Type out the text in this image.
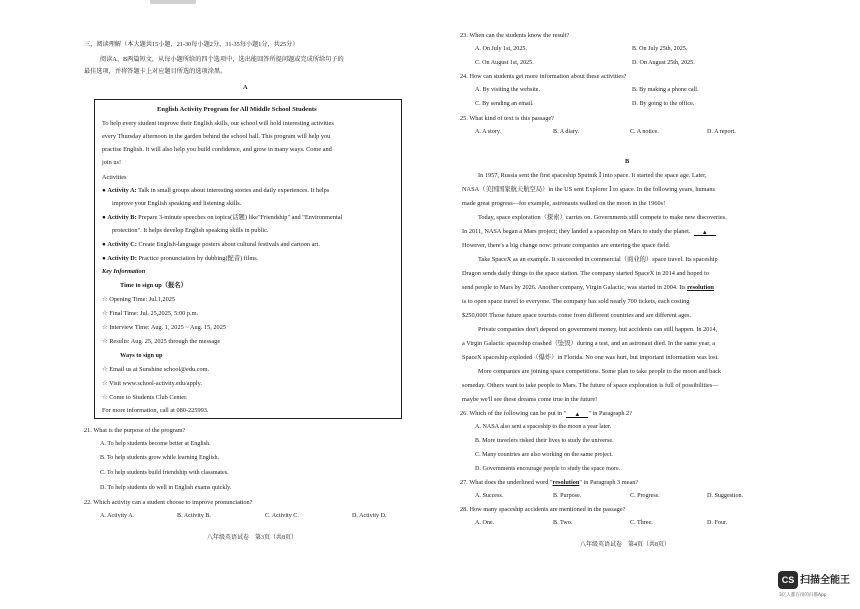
三、阅读理解（本大题共15小题，21-30每小题2分，31-35每小题1分，共25分）
阅读A、B两篇短文，从每小题所给的四个选项中，选出能回答所提问题或完成所给句子的
最佳选项，并将答题卡上对应题目所选的选项涂黑。
A
English Activity Program for All Middle School Students
To help every student improve their English skills, our school will hold interesting activities
every Thursday afternoon in the garden behind the school hall. This program will help you
practise English. It will also help you build confidence, and grow in many ways. Come and
join us!
Activities
● Activity A: Talk in small groups about interesting stories and daily experiences. It helps
improve your English speaking and listening skills.
● Activity B: Prepare 3-minute speeches on topics(话题) like"Friendship" and "Environmental
protection". It helps develop English speaking skills in public.
● Activity C: Create English-language posters about cultural festivals and cartoon art.
● Activity D: Practice pronunciation by dubbing(配音) films.
Key Information
Time to sign up（报名）
☆ Opening Time: Jul.1,2025
☆ Final Time: Jul. 25,2025, 5:00 p.m.
☆ Interview Time: Aug. 1, 2025 ~ Aug. 15, 2025
☆ Results: Aug. 25, 2025 through the message
Ways to sign up
☆ Email us at Sunshine school@edu.com.
☆ Visit www.school-activity.edu/apply.
☆ Come to Students Club Center.
For more information, call at 080-225993.
21. What is the purpose of the program?
A. To help students become better at English.
B. To help students grow while learning English.
C. To help students build friendship with classmates.
D. To help students do well in English exams quickly.
22. Which activity can a student choose to improve pronunciation?
A. Activity A.	B. Activity B.	C. Activity C.	D. Activity D.
八年级英语试卷　第3页（共8页）
23. When can the students know the result?
A. On July 1st, 2025.	B. On July 25th, 2025.
C. On August 1st, 2025.	D. On August 25th, 2025.
24. How can students get more information about these activities?
A. By visiting the website.	B. By making a phone call.
C. By sending an email.	D. By going to the office.
25. What kind of text is this passage?
A. A story.	B. A diary.	C. A notice.	D. A report.
B
In 1957, Russia sent the first spaceship Sputnik Ⅰ into space. It started the space age. Later,
NASA（美国国家航天航空局）in the US sent Explorer Ⅰ to space. In the following years, humans
made great progress—for example, astronauts walked on the moon in the 1960s!
Today, space exploration（探索）carries on. Governments still compete to make new discoveries.
In 2011, NASA began a Mars project; they landed a spaceship on Mars to study the planet. ▲
However, there's a big change now: private companies are entering the space field.
Take SpaceX as an example. It succeeded in commercial（商业的）space travel. Its spaceship
Dragon sends daily things to the space station. The company started SpaceX in 2014 and hoped to
send people to Mars by 2026. Another company, Virgin Galactic, was started in 2004. Its resolution
is to open space travel to everyone. The company has sold nearly 700 tickets, each costing
$250,000! Those future space tourists come from different countries and are different ages.
Private companies don't depend on government money, but accidents can still happen. In 2014,
a Virgin Galactic spaceship crashed（坠毁）during a test, and an astronaut died. In the same year, a
SpaceX spaceship exploded（爆炸）in Florida. No one was hurt, but important information was lost.
More companies are joining space competitions. Some plan to take people to the moon and back
someday. Others want to take people to Mars. The future of space exploration is full of possibilities—
maybe we'll see these dreams come true in the future!
26. Which of the following can be put in " ▲ " in Paragraph 2?
A. NASA also sent a spaceship to the moon a year later.
B. More travelers risked their lives to study the universe.
C. Many countries are also working on the same project.
D. Governments encourage people to study the space more.
27. What does the underlined word "resolution" in Paragraph 3 mean?
A. Success.	B. Purpose.	C. Progress.	D. Suggestion.
28. How many spaceship accidents are mentioned in the passage?
A. One.	B. Two.	C. Three.	D. Four.
八年级英语试卷　第4页（共8页）
CS 扫描全能王
3亿人都在用的扫描App
